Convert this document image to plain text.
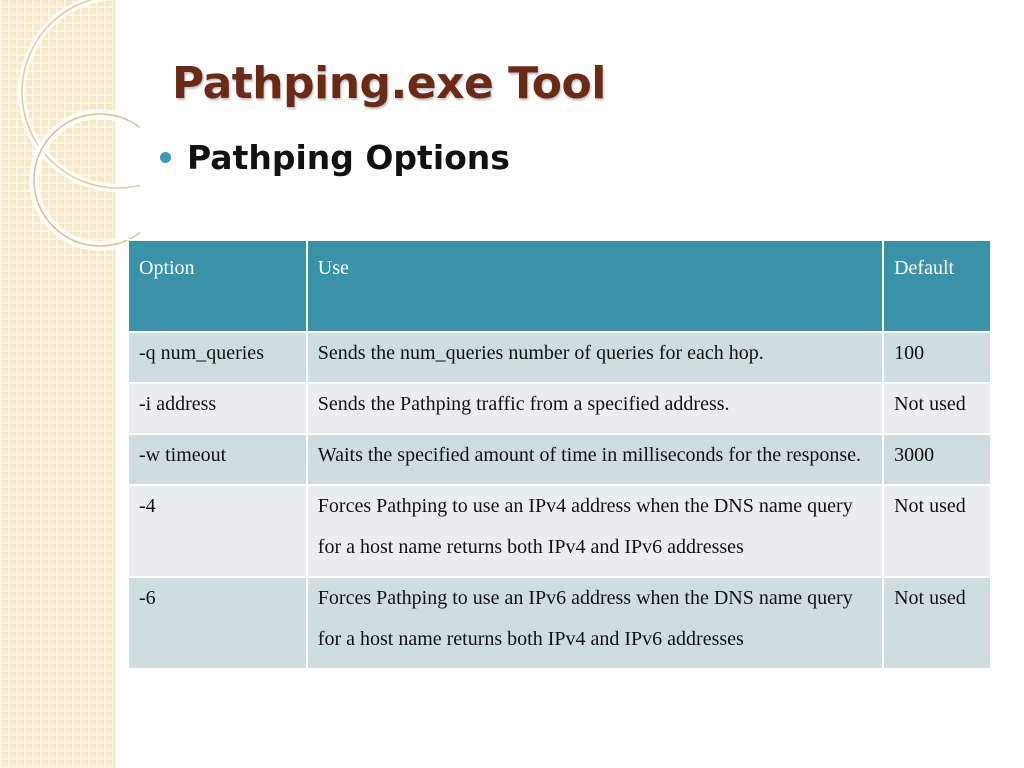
Pathping.exe Tool
Pathping Options
Option	Use	Default
-q num_queries	Sends the num_queries number of queries for each hop.	100
-i address	Sends the Pathping traffic from a specified address.	Not used
-w timeout	Waits the specified amount of time in milliseconds for the response.	3000
-4	Forces Pathping to use an IPv4 address when the DNS name query for a host name returns both IPv4 and IPv6 addresses	Not used
-6	Forces Pathping to use an IPv6 address when the DNS name query for a host name returns both IPv4 and IPv6 addresses	Not used
